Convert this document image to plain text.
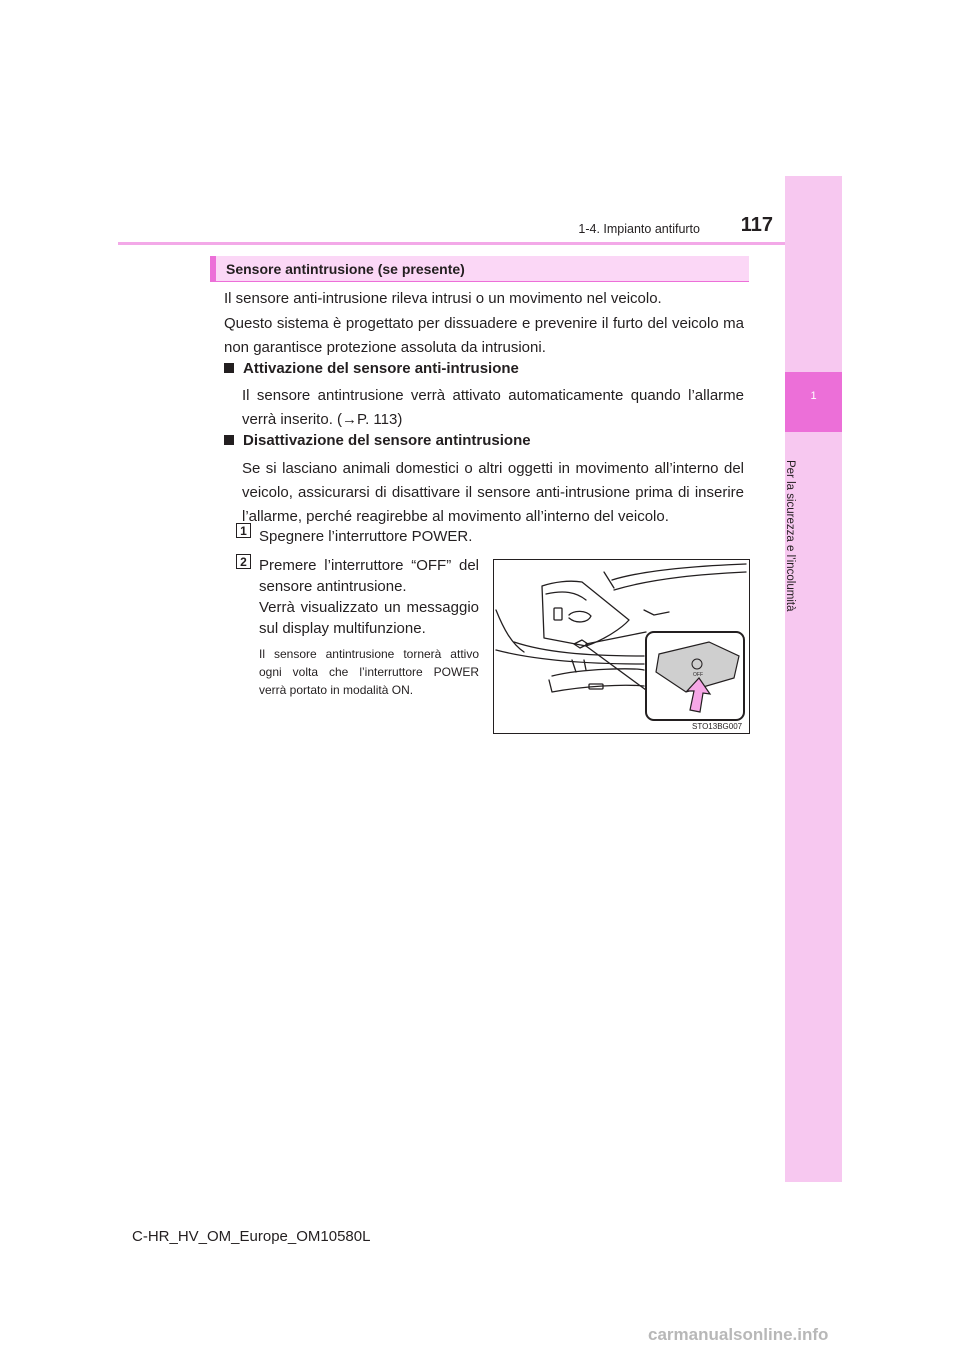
1
Per la sicurezza e l’incolumità
1-4. Impianto antifurto	117
Sensore antintrusione (se presente)
Il sensore anti-intrusione rileva intrusi o un movimento nel veicolo.
Questo sistema è progettato per dissuadere e prevenire il furto del veicolo ma non garantisce protezione assoluta da intrusioni.
Attivazione del sensore anti-intrusione
Il sensore antintrusione verrà attivato automaticamente quando l’allarme verrà inserito. (→P. 113)
Disattivazione del sensore antintrusione
Se si lasciano animali domestici o altri oggetti in movimento all’interno del veicolo, assicurarsi di disattivare il sensore anti-intrusione prima di inserire l’allarme, perché reagirebbe al movimento all’interno del veicolo.
1 Spegnere l’interruttore POWER.
2 Premere l’interruttore “OFF” del sensore antintrusione.
Verrà visualizzato un messaggio sul display multifunzione.
Il sensore antintrusione tornerà attivo ogni volta che l’interruttore POWER verrà portato in modalità ON.
OFF
STO13BG007
C-HR_HV_OM_Europe_OM10580L
carmanualsonline.info
